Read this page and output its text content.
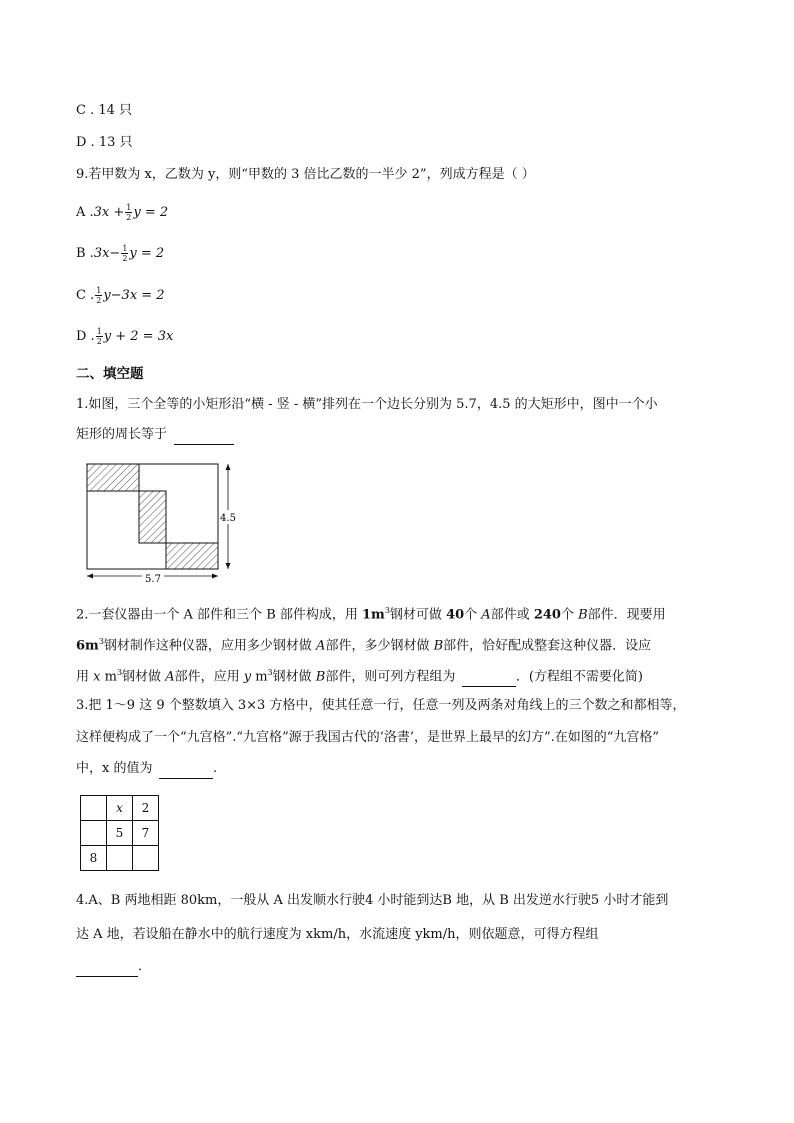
C . 14 只
D . 13 只
9.若甲数为 x，乙数为 y，则“甲数的 3 倍比乙数的一半少 2”，列成方程是（ ）
A $.3x + \frac{1}{2}$ y = 2
B $.3x- \frac{1}{2}$ y = 2
C . $\frac{1}{2} y-3x = 2$
D . $\frac{1}{2}$ y + 2 = 3x
二、填空题
1.如图，三个全等的小矩形沿“横 - 竖 - 横”排列在一个边长分别为 5.7，4.5 的大矩形中，图中一个小
矩形的周长等于 
4.5
5.7
2.一套仪器由一个 A 部件和三个 B 部件构成，用 $1m^3$钢材可做 40个 A部件或 240个 B部件．现要用
$6m^3$钢材制作这种仪器，应用多少钢材做 A部件，多少钢材做 B部件，恰好配成整套这种仪器．设应
用 x $m^3$钢材做 A部件，应用 y $m^3$钢材做 B部件，则可列方程组为 	．(方程组不需要化简)
3.把 1～9 这 9 个整数填入 3×3 方格中，使其任意一行，任意一列及两条对角线上的三个数之和都相等，
这样便构成了一个“九宫格”.“九宫格”源于我国古代的‘洛書’，是世界上最早的幻方”.在如图的“九宫格”
中，x 的值为 	.
	x	2
	5	7
8		
4.A、B 两地相距 80km，一般从 A 出发顺水行驶4 小时能到达B 地，从 B 出发逆水行驶5 小时才能到
达 A 地，若设船在静水中的航行速度为 xkm/h，水流速度 ykm/h，则依题意，可得方程组
．
